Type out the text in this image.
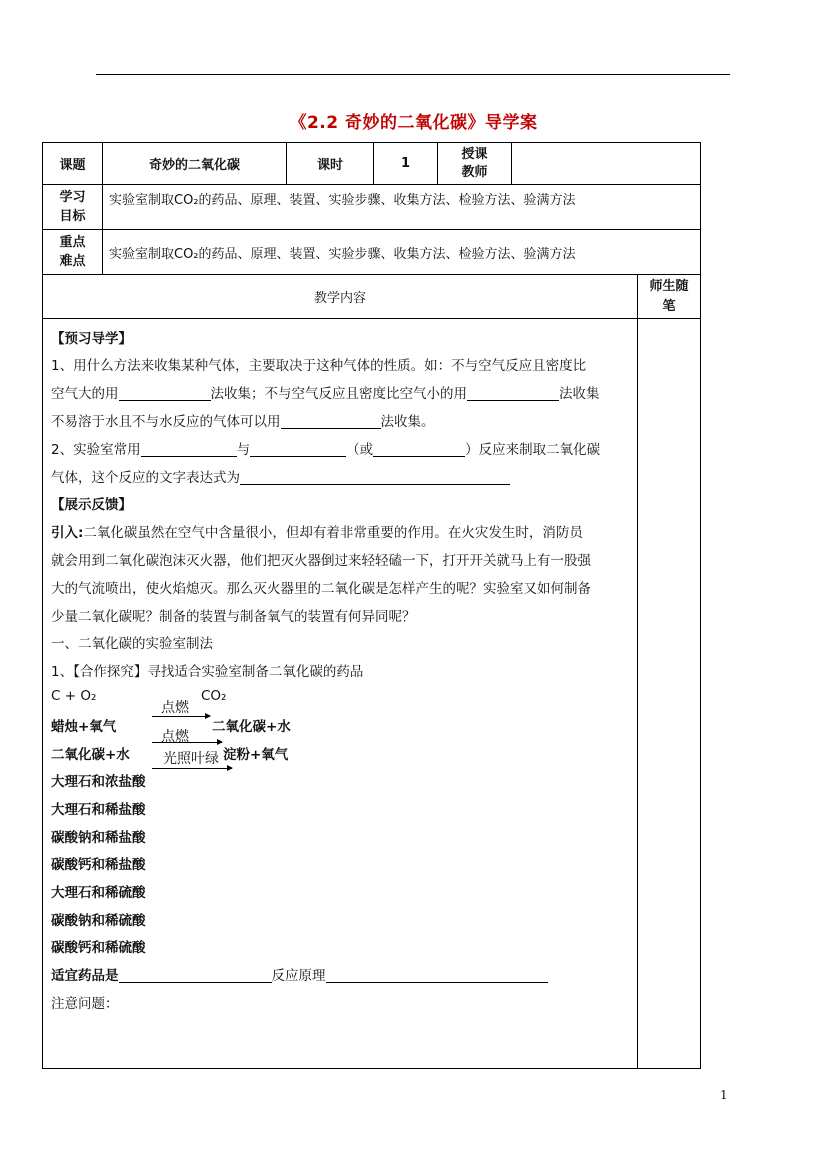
《2.2 奇妙的二氧化碳》导学案
课题	奇妙的二氧化碳	课时	1	授课
教师		

学习
目标	实验室制取CO₂的药品、原理、装置、实验步骤、收集方法、检验方法、验满方法					

重点
难点	实验室制取CO₂的药品、原理、装置、实验步骤、收集方法、检验方法、验满方法					
教学内容						师生随
笔

【预习导学】
1、用什么方法来收集某种气体，主要取决于这种气体的性质。如：不与空气反应且密度比
空气大的用	法收集；不与空气反应且密度比空气小的用	法收集
不易溶于水且不与水反应的气体可以用	法收集。
2、实验室常用	与	（或	）反应来制取二氧化碳
气体，这个反应的文字表达式为
【展示反馈】
引入:二氧化碳虽然在空气中含量很小，但却有着非常重要的作用。在火灾发生时，消防员
就会用到二氧化碳泡沫灭火器，他们把灭火器倒过来轻轻磕一下，打开开关就马上有一股强
大的气流喷出，使火焰熄灭。那么灭火器里的二氧化碳是怎样产生的呢？实验室又如何制备
少量二氧化碳呢？制备的装置与制备氧气的装置有何异同呢？
一、二氧化碳的实验室制法
1、【合作探究】寻找适合实验室制备二氧化碳的药品
C + O₂
点燃
CO₂
蜡烛+氧气
点燃
二氧化碳+水
二氧化碳+水	淀粉+氧气
光照叶绿
大理石和浓盐酸
大理石和稀盐酸
碳酸钠和稀盐酸
碳酸钙和稀盐酸
大理石和稀硫酸
碳酸钠和稀硫酸
碳酸钙和稀硫酸
适宜药品是	反应原理
注意问题：
1
